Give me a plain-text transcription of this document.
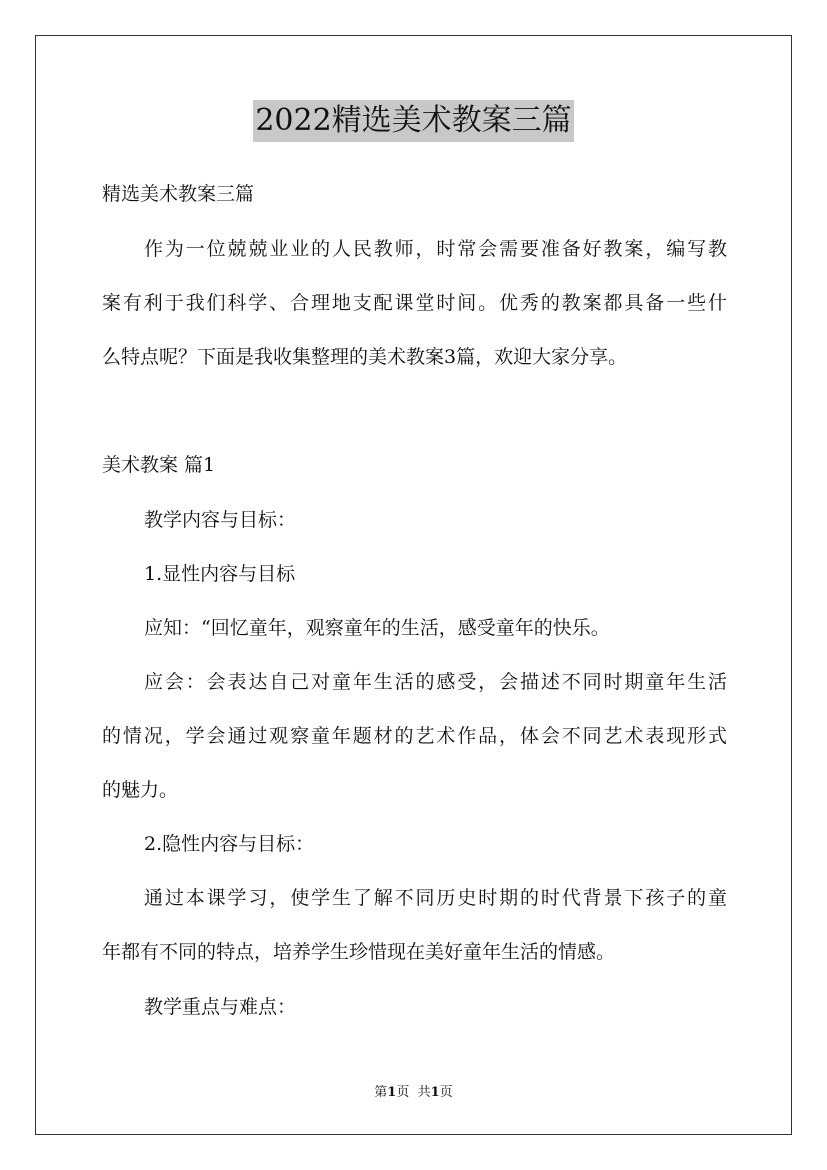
2022精选美术教案三篇
精选美术教案三篇
作为一位兢兢业业的人民教师，时常会需要准备好教案，编写教
案有利于我们科学、合理地支配课堂时间。优秀的教案都具备一些什
么特点呢？下面是我收集整理的美术教案3篇，欢迎大家分享。
美术教案 篇1
教学内容与目标：
1.显性内容与目标
应知：“回忆童年，观察童年的生活，感受童年的快乐。
应会：会表达自己对童年生活的感受，会描述不同时期童年生活
的情况，学会通过观察童年题材的艺术作品，体会不同艺术表现形式
的魅力。
2.隐性内容与目标：
通过本课学习，使学生了解不同历史时期的时代背景下孩子的童
年都有不同的特点，培养学生珍惜现在美好童年生活的情感。
教学重点与难点：
第1页 共1页
